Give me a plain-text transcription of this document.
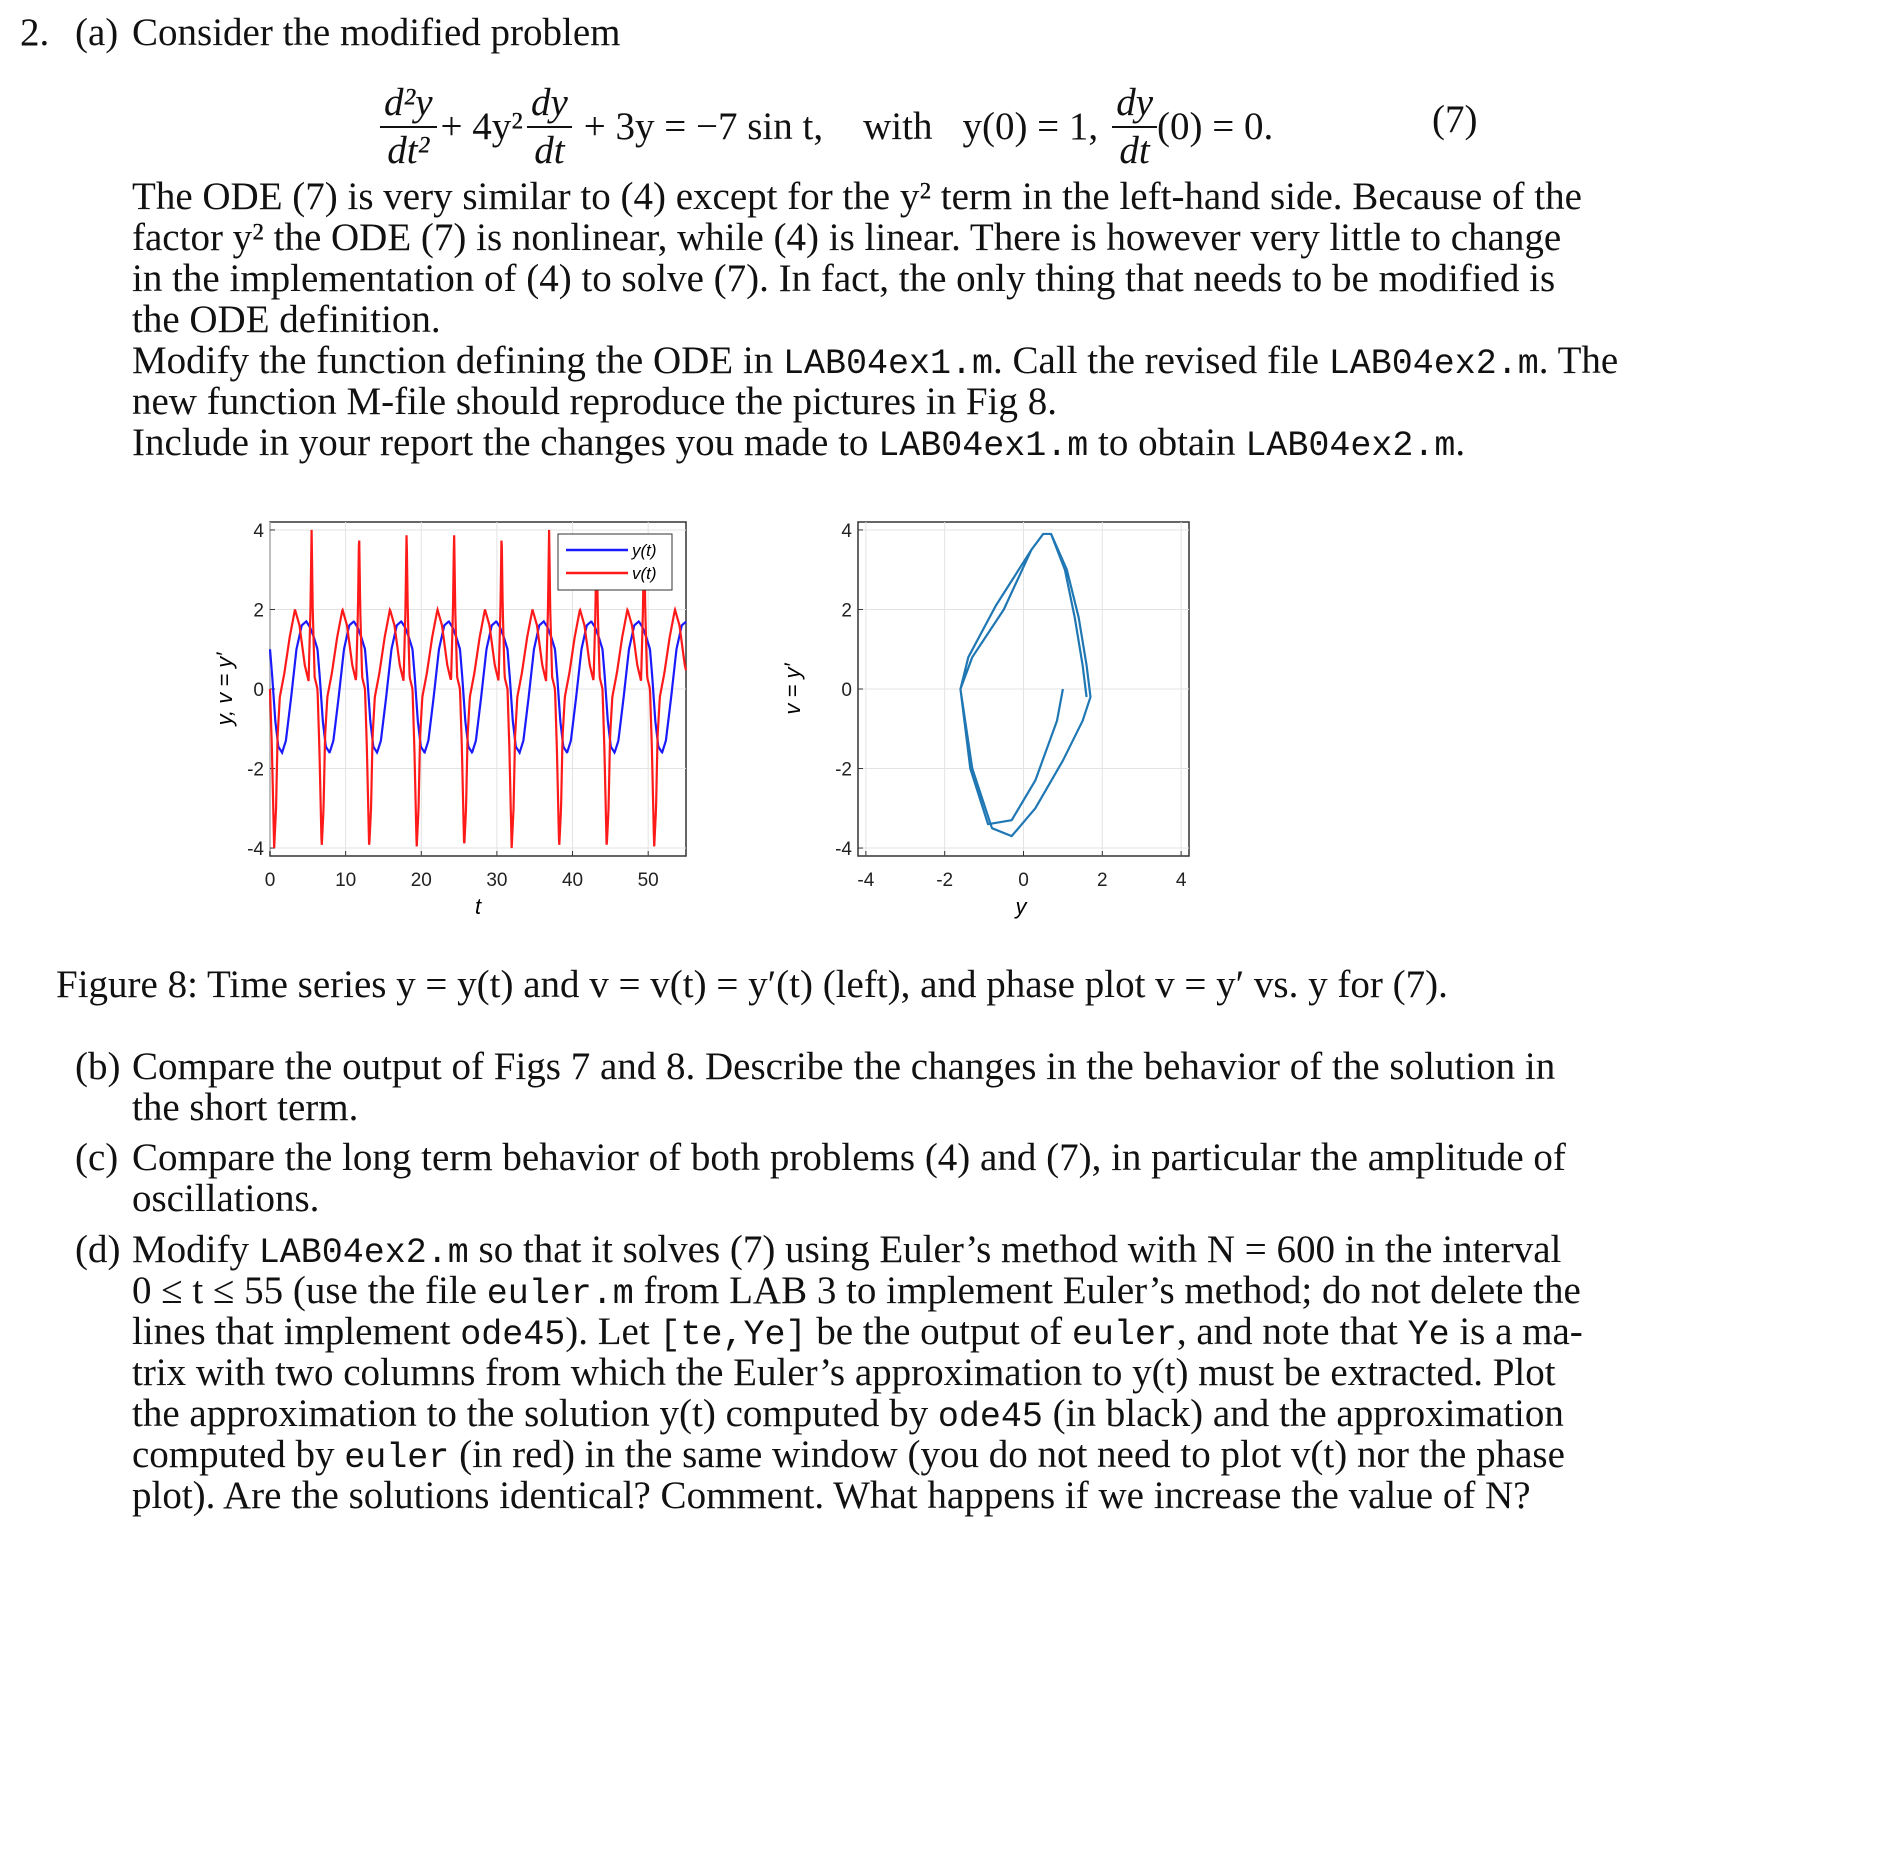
2. (a) Consider the modified problem
$\frac{\text{d²y}}{\text{dt²}} + 4y^2 \frac{dy}{dt} + 3y = -7$ sin t, with y(0) = 1, $\frac{dy}{dt} (0) = 0$.	(7)
The ODE (7) is very similar to (4) except for the y² term in the left-hand side. Because of the
factor y² the ODE (7) is nonlinear, while (4) is linear. There is however very little to change
in the implementation of (4) to solve (7). In fact, the only thing that needs to be modified is
the ODE definition.
Modify the function defining the ODE in LAB04ex1.m. Call the revised file LAB04ex2.m. The
new function M-file should reproduce the pictures in Fig 8.
Include in your report the changes you made to LAB04ex1.m to obtain LAB04ex2.m.
0	10	20	30	40	50
-4
-2
0
2
4
t
y, v = y′
y(t)
v(t)
-4	-2	0	2	4
-4
-2
0
2
4
y
v = y′
Figure 8: Time series y = y(t) and v = v(t) = y′(t) (left), and phase plot v = y′ vs. y for (7).
(b) Compare the output of Figs 7 and 8. Describe the changes in the behavior of the solution in
the short term.
(c) Compare the long term behavior of both problems (4) and (7), in particular the amplitude of
oscillations.
(d) Modify LAB04ex2.m so that it solves (7) using Euler’s method with N = 600 in the interval
0 ≤ t ≤ 55 (use the file euler.m from LAB 3 to implement Euler’s method; do not delete the
lines that implement ode45). Let [te,Ye] be the output of euler, and note that Ye is a ma-
trix with two columns from which the Euler’s approximation to y(t) must be extracted. Plot
the approximation to the solution y(t) computed by ode45 (in black) and the approximation
computed by euler (in red) in the same window (you do not need to plot v(t) nor the phase
plot). Are the solutions identical? Comment. What happens if we increase the value of N?
